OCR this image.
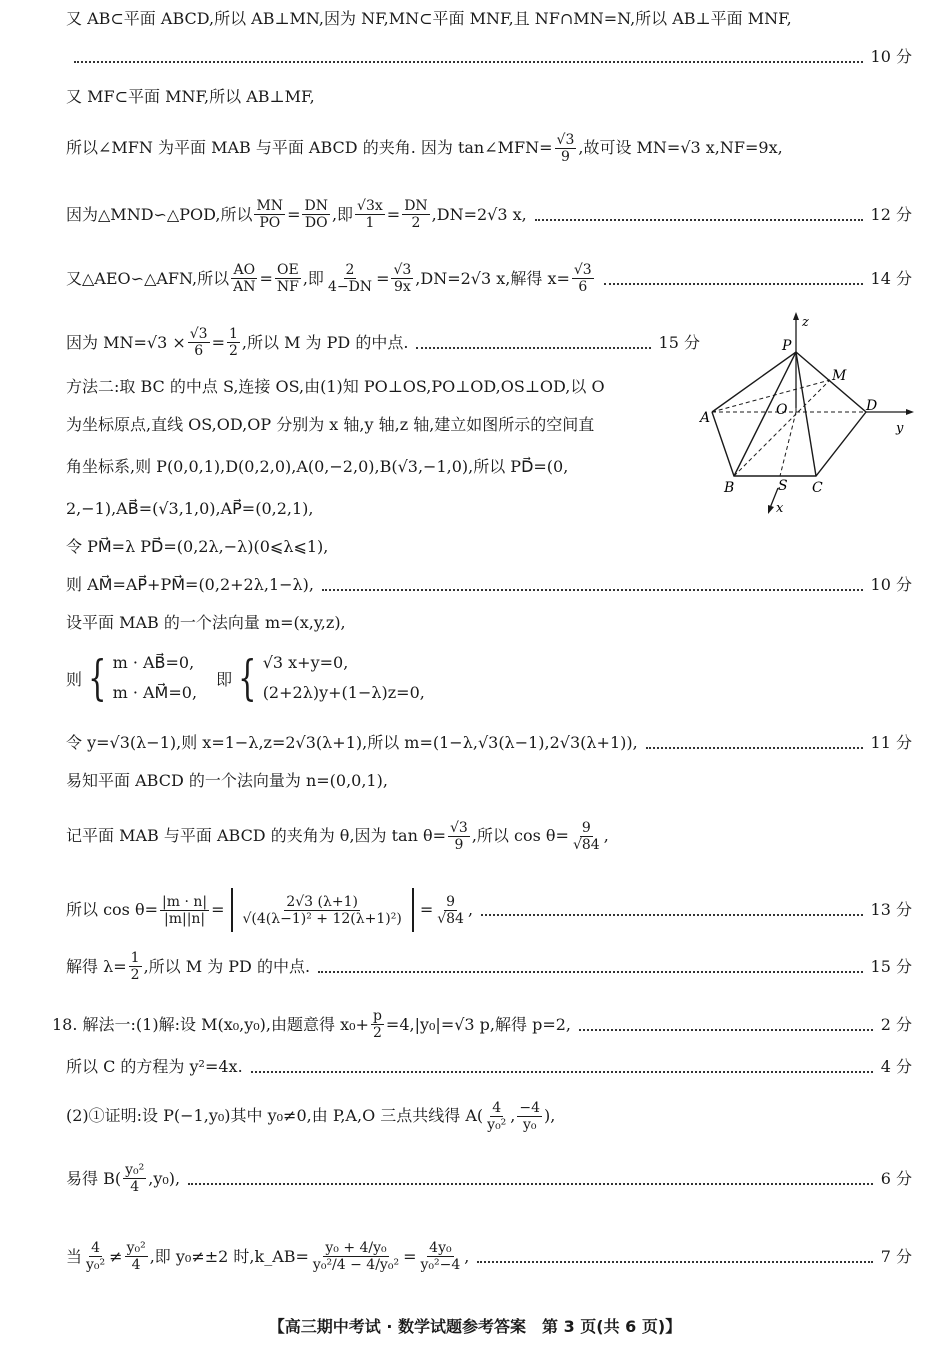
又 AB⊂平面 ABCD,所以 AB⊥MN,因为 NF,MN⊂平面 MNF,且 NF∩MN=N,所以 AB⊥平面 MNF,
10 分
又 MF⊂平面 MNF,所以 AB⊥MF,
所以∠MFN 为平面 MAB 与平面 ABCD 的夹角. 因为 tan∠MFN= $\frac{√3}{9}$ ,故可设 MN=√3 x,NF=9x,
因为△MND∽△POD,所以 $\frac{MN}{PO} = \frac{DN}{DO}$ ,即 $\frac{√3x}{1} = \frac{DN}{2} ,DN=2√3$ x,	12 分
又△AEO∽△AFN,所以 $\frac{AO}{AN} = \frac{OE}{NF}$ ,即 $\frac{2}{4-DN} = \frac{√3}{9x} ,DN=2√3$ x,解得 $x= \frac{√3}{6}$	14 分
因为 $MN=√3 \times \frac{√3}{6} = \frac{1}{2}$ ,所以 M 为 PD 的中点.	15 分
z
P
M
A	O	D
y
B	S C
x
方法二:取 BC 的中点 S,连接 OS,由(1)知 PO⊥OS,PO⊥OD,OS⊥OD,以 O
为坐标原点,直线 OS,OD,OP 分别为 x 轴,y 轴,z 轴,建立如图所示的空间直
角坐标系,则 P(0,0,1),D(0,2,0),A(0,−2,0),B(√3,−1,0),所以 PD⃗=(0,
2,−1),AB⃗=(√3,1,0),AP⃗=(0,2,1),
令 PM⃗=λ PD⃗=(0,2λ,−λ)(0⩽λ⩽1),
则 AM⃗=AP⃗+PM⃗=(0,2+2λ,1−λ),	10 分
设平面 MAB 的一个法向量 m=(x,y,z),
则 { m · AB⃗=0,
m · AM⃗=0, 即 { √3 x+y=0,
(2+2λ)y+(1−λ)z=0,
令 y=√3(λ−1),则 x=1−λ,z=2√3(λ+1),所以 m=(1−λ,√3(λ−1),2√3(λ+1)),	11 分
易知平面 ABCD 的一个法向量为 n=(0,0,1),
记平面 MAB 与平面 ABCD 的夹角为 θ,因为 $\tan \theta= \frac{√3}{9}$ ,所以 $\cos \theta= \frac{9}{√84}$ ,
所以 $\cos \theta= \frac{|m \cdot n|}{|m||n|} = \frac{2√3 (\lambda+1)}{\text{√(4(λ−1)² + 12(λ+1)²)}} = \frac{9}{√84}$ ,	13 分
解得 $\lambda= \frac{1}{2}$ ,所以 M 为 PD 的中点.	15 分
18. 解法一:(1)解:设 M(x₀,y₀),由题意得 $x_0+ \frac{p}{2} =4,|y_0|=√3$ p,解得 p=2,	2 分
所以 C 的方程为 y²=4x.	4 分
(2)①证明:设 P(−1,y₀)其中 y₀≠0,由 P,A,O 三点共线得 $A( \frac{4}{\text{y₀²}}$ , $\frac{-4}{\text{y₀}}$ ),
易得 $B( \frac{\text{y₀²}}{4} ,y_0)$,	6 分
当 $\frac{4}{\text{y₀²}} \ne \frac{\text{y₀²}}{4}$ ,即 y₀≠±2 时,k_AB= $\frac{\text{y₀ + 4/y₀}}{\text{y₀²/4 − 4/y₀²}} = \frac{\text{4y₀}}{\text{y₀²−4}}$ ,	7 分
【高三期中考试 · 数学试题参考答案　第 3 页(共 6 页)】
